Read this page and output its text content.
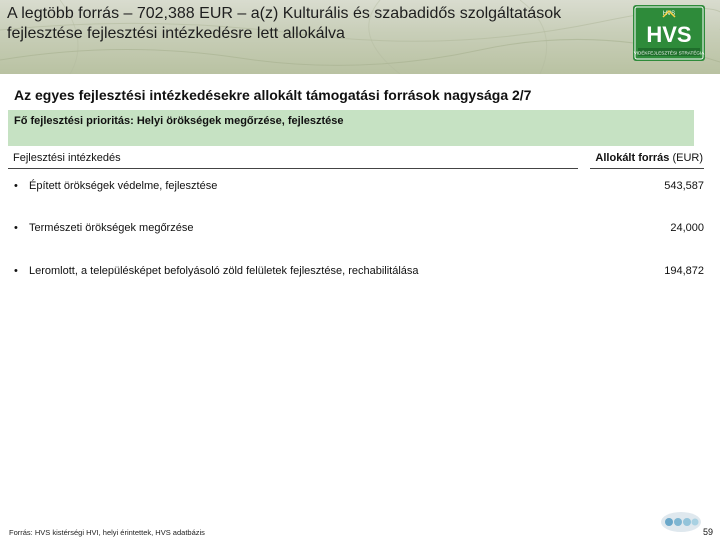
A legtöbb forrás – 702,388 EUR – a(z) Kulturális és szabadidős szolgáltatások fejlesztése fejlesztési intézkedésre lett allokálva
HVS
HVS
VIDÉKFEJLESZTÉSI STRATÉGIA
Az egyes fejlesztési intézkedésekre allokált támogatási források nagysága 2/7
Fő fejlesztési prioritás: Helyi örökségek megőrzése, fejlesztése
Fejlesztési intézkedés	Allokált forrás (EUR)
• Épített örökségek védelme, fejlesztése	543,587
• Természeti örökségek megőrzése	24,000
• Leromlott, a településképet befolyásoló zöld felületek fejlesztése, rechabilitálása	194,872
Forrás: HVS kistérségi HVI, helyi érintettek, HVS adatbázis	59
